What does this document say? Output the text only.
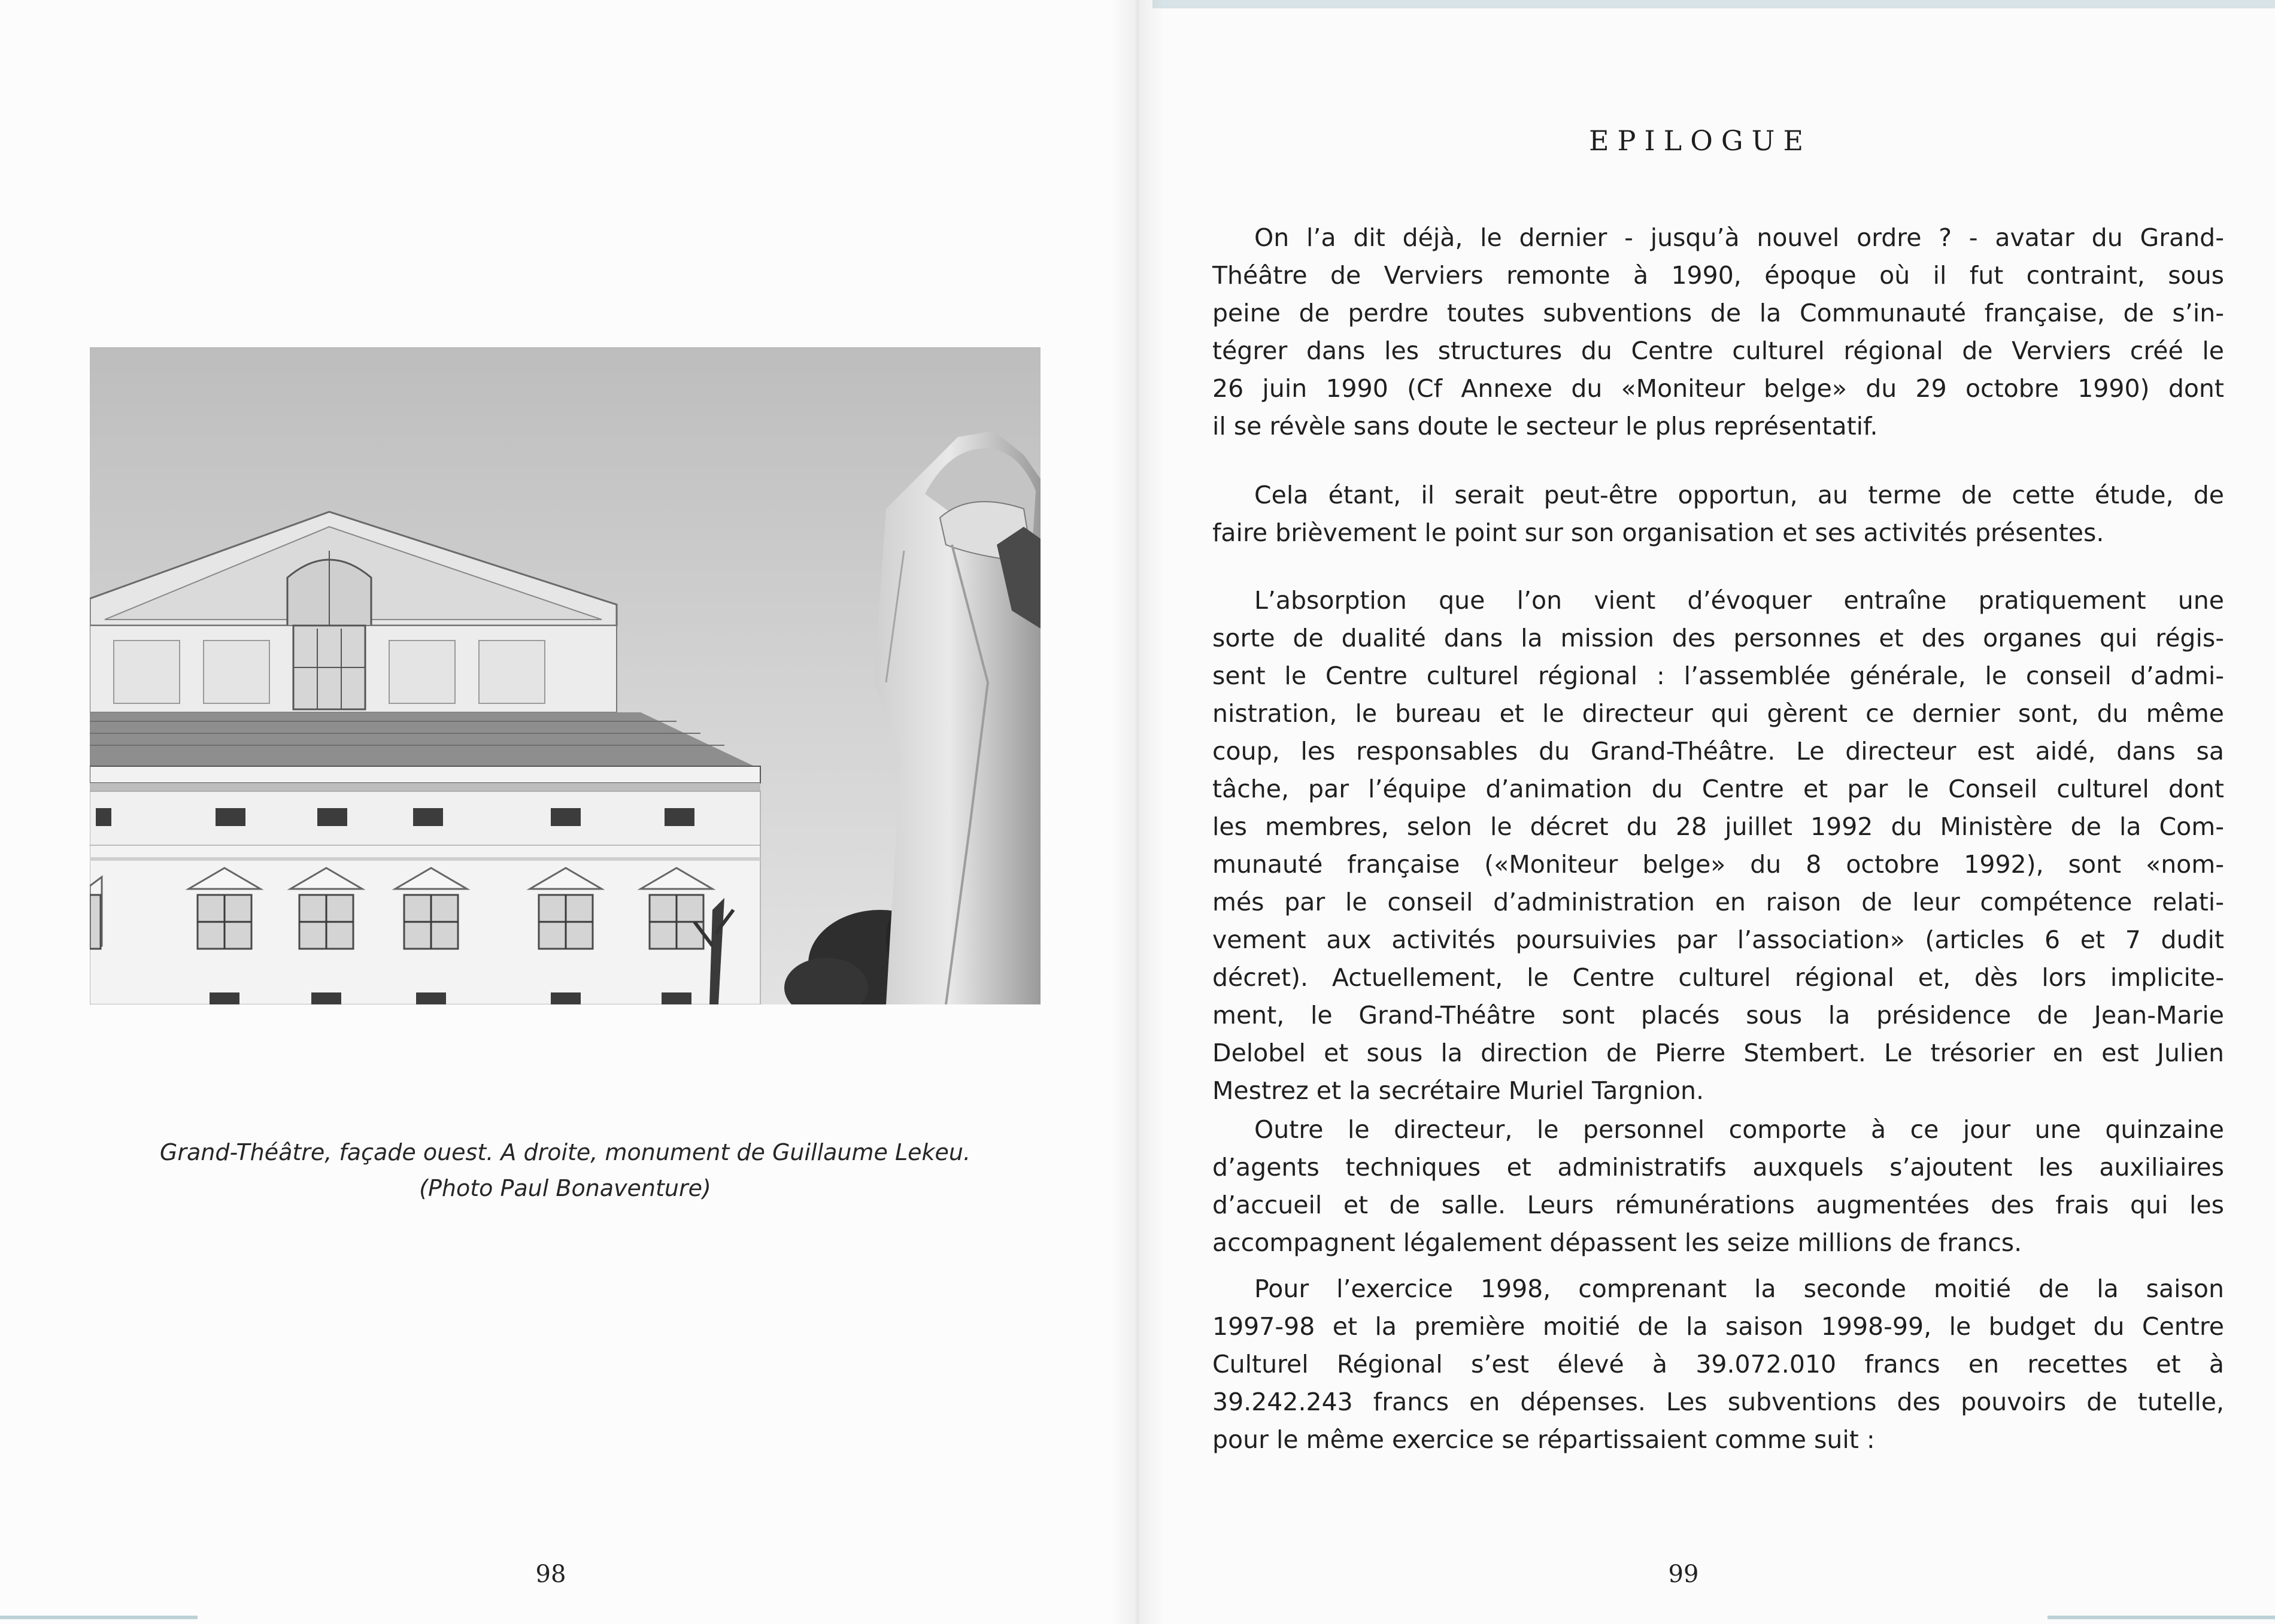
Grand-Théâtre, façade ouest. A droite, monument de Guillaume Lekeu.
(Photo Paul Bonaventure)
98
EPILOGUE

On l’a dit déjà, le dernier - jusqu’à nouvel ordre ? - avatar du Grand-
Théâtre de Verviers remonte à 1990, époque où il fut contraint, sous
peine de perdre toutes subventions de la Communauté française, de s’in-
tégrer dans les structures du Centre culturel régional de Verviers créé le
26 juin 1990 (Cf Annexe du «Moniteur belge» du 29 octobre 1990) dont
il se révèle sans doute le secteur le plus représentatif.

Cela étant, il serait peut-être opportun, au terme de cette étude, de
faire brièvement le point sur son organisation et ses activités présentes.

L’absorption que l’on vient d’évoquer entraîne pratiquement une
sorte de dualité dans la mission des personnes et des organes qui régis-
sent le Centre culturel régional : l’assemblée générale, le conseil d’admi-
nistration, le bureau et le directeur qui gèrent ce dernier sont, du même
coup, les responsables du Grand-Théâtre. Le directeur est aidé, dans sa
tâche, par l’équipe d’animation du Centre et par le Conseil culturel dont
les membres, selon le décret du 28 juillet 1992 du Ministère de la Com-
munauté française («Moniteur belge» du 8 octobre 1992), sont «nom-
més par le conseil d’administration en raison de leur compétence relati-
vement aux activités poursuivies par l’association» (articles 6 et 7 dudit
décret). Actuellement, le Centre culturel régional et, dès lors implicite-
ment, le Grand-Théâtre sont placés sous la présidence de Jean-Marie
Delobel et sous la direction de Pierre Stembert. Le trésorier en est Julien
Mestrez et la secrétaire Muriel Targnion.

Outre le directeur, le personnel comporte à ce jour une quinzaine
d’agents techniques et administratifs auxquels s’ajoutent les auxiliaires
d’accueil et de salle. Leurs rémunérations augmentées des frais qui les
accompagnent légalement dépassent les seize millions de francs.

Pour l’exercice 1998, comprenant la seconde moitié de la saison
1997-98 et la première moitié de la saison 1998-99, le budget du Centre
Culturel Régional s’est élevé à 39.072.010 francs en recettes et à
39.242.243 francs en dépenses. Les subventions des pouvoirs de tutelle,
pour le même exercice se répartissaient comme suit :

99
